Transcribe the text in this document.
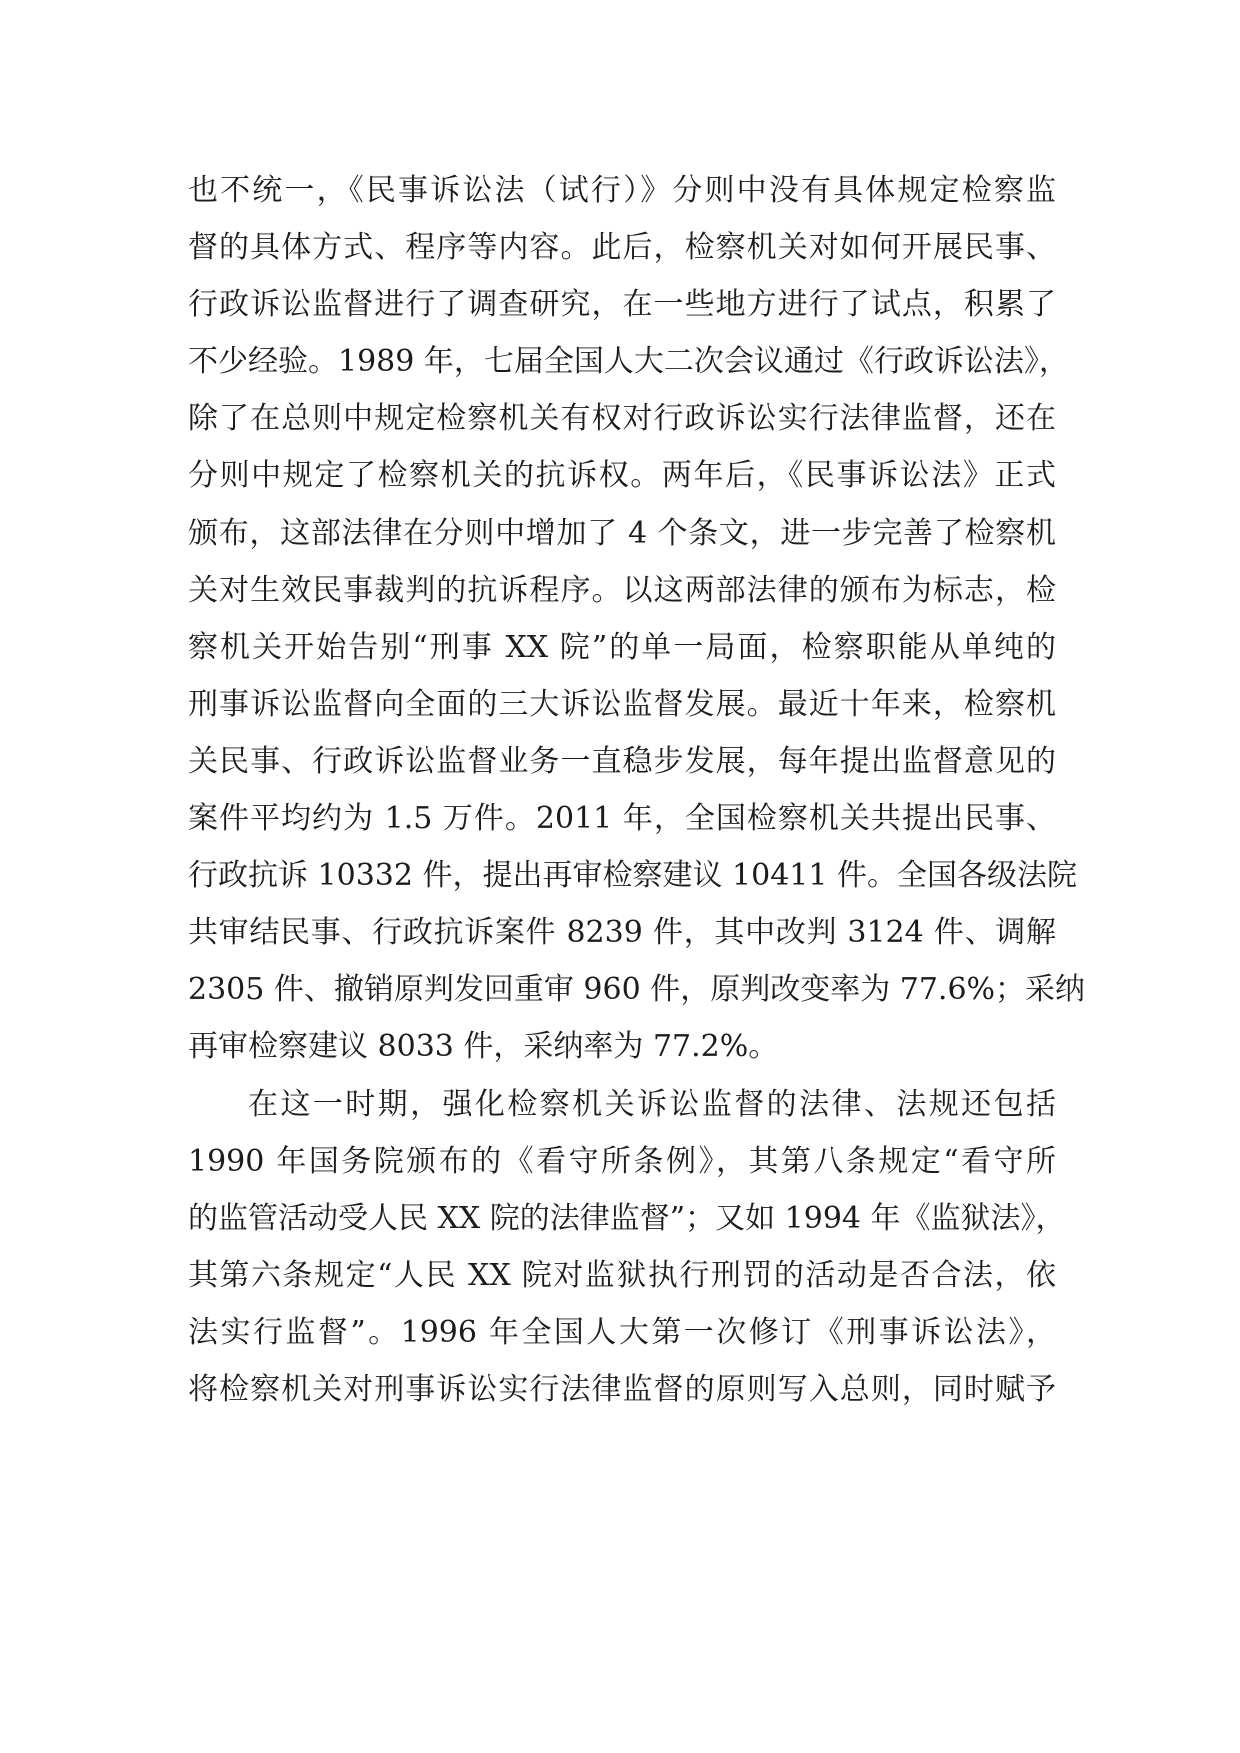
也不统一，《民事诉讼法（试行）》分则中没有具体规定检察监
督的具体方式、程序等内容。此后，检察机关对如何开展民事、
行政诉讼监督进行了调查研究，在一些地方进行了试点，积累了
不少经验。1989 年，七届全国人大二次会议通过《行政诉讼法》，
除了在总则中规定检察机关有权对行政诉讼实行法律监督，还在
分则中规定了检察机关的抗诉权。两年后，《民事诉讼法》正式
颁布，这部法律在分则中增加了 4 个条文，进一步完善了检察机
关对生效民事裁判的抗诉程序。以这两部法律的颁布为标志，检
察机关开始告别“刑事 XX 院”的单一局面，检察职能从单纯的
刑事诉讼监督向全面的三大诉讼监督发展。最近十年来，检察机
关民事、行政诉讼监督业务一直稳步发展，每年提出监督意见的
案件平均约为 1.5 万件。2011 年，全国检察机关共提出民事、
行政抗诉 10332 件，提出再审检察建议 10411 件。全国各级法院
共审结民事、行政抗诉案件 8239 件，其中改判 3124 件、调解
2305 件、撤销原判发回重审 960 件，原判改变率为 77.6%；采纳
再审检察建议 8033 件，采纳率为 77.2%。
在这一时期，强化检察机关诉讼监督的法律、法规还包括
1990 年国务院颁布的《看守所条例》，其第八条规定“看守所
的监管活动受人民 XX 院的法律监督”；又如 1994 年《监狱法》，
其第六条规定“人民 XX 院对监狱执行刑罚的活动是否合法，依
法实行监督”。1996 年全国人大第一次修订《刑事诉讼法》，
将检察机关对刑事诉讼实行法律监督的原则写入总则，同时赋予
